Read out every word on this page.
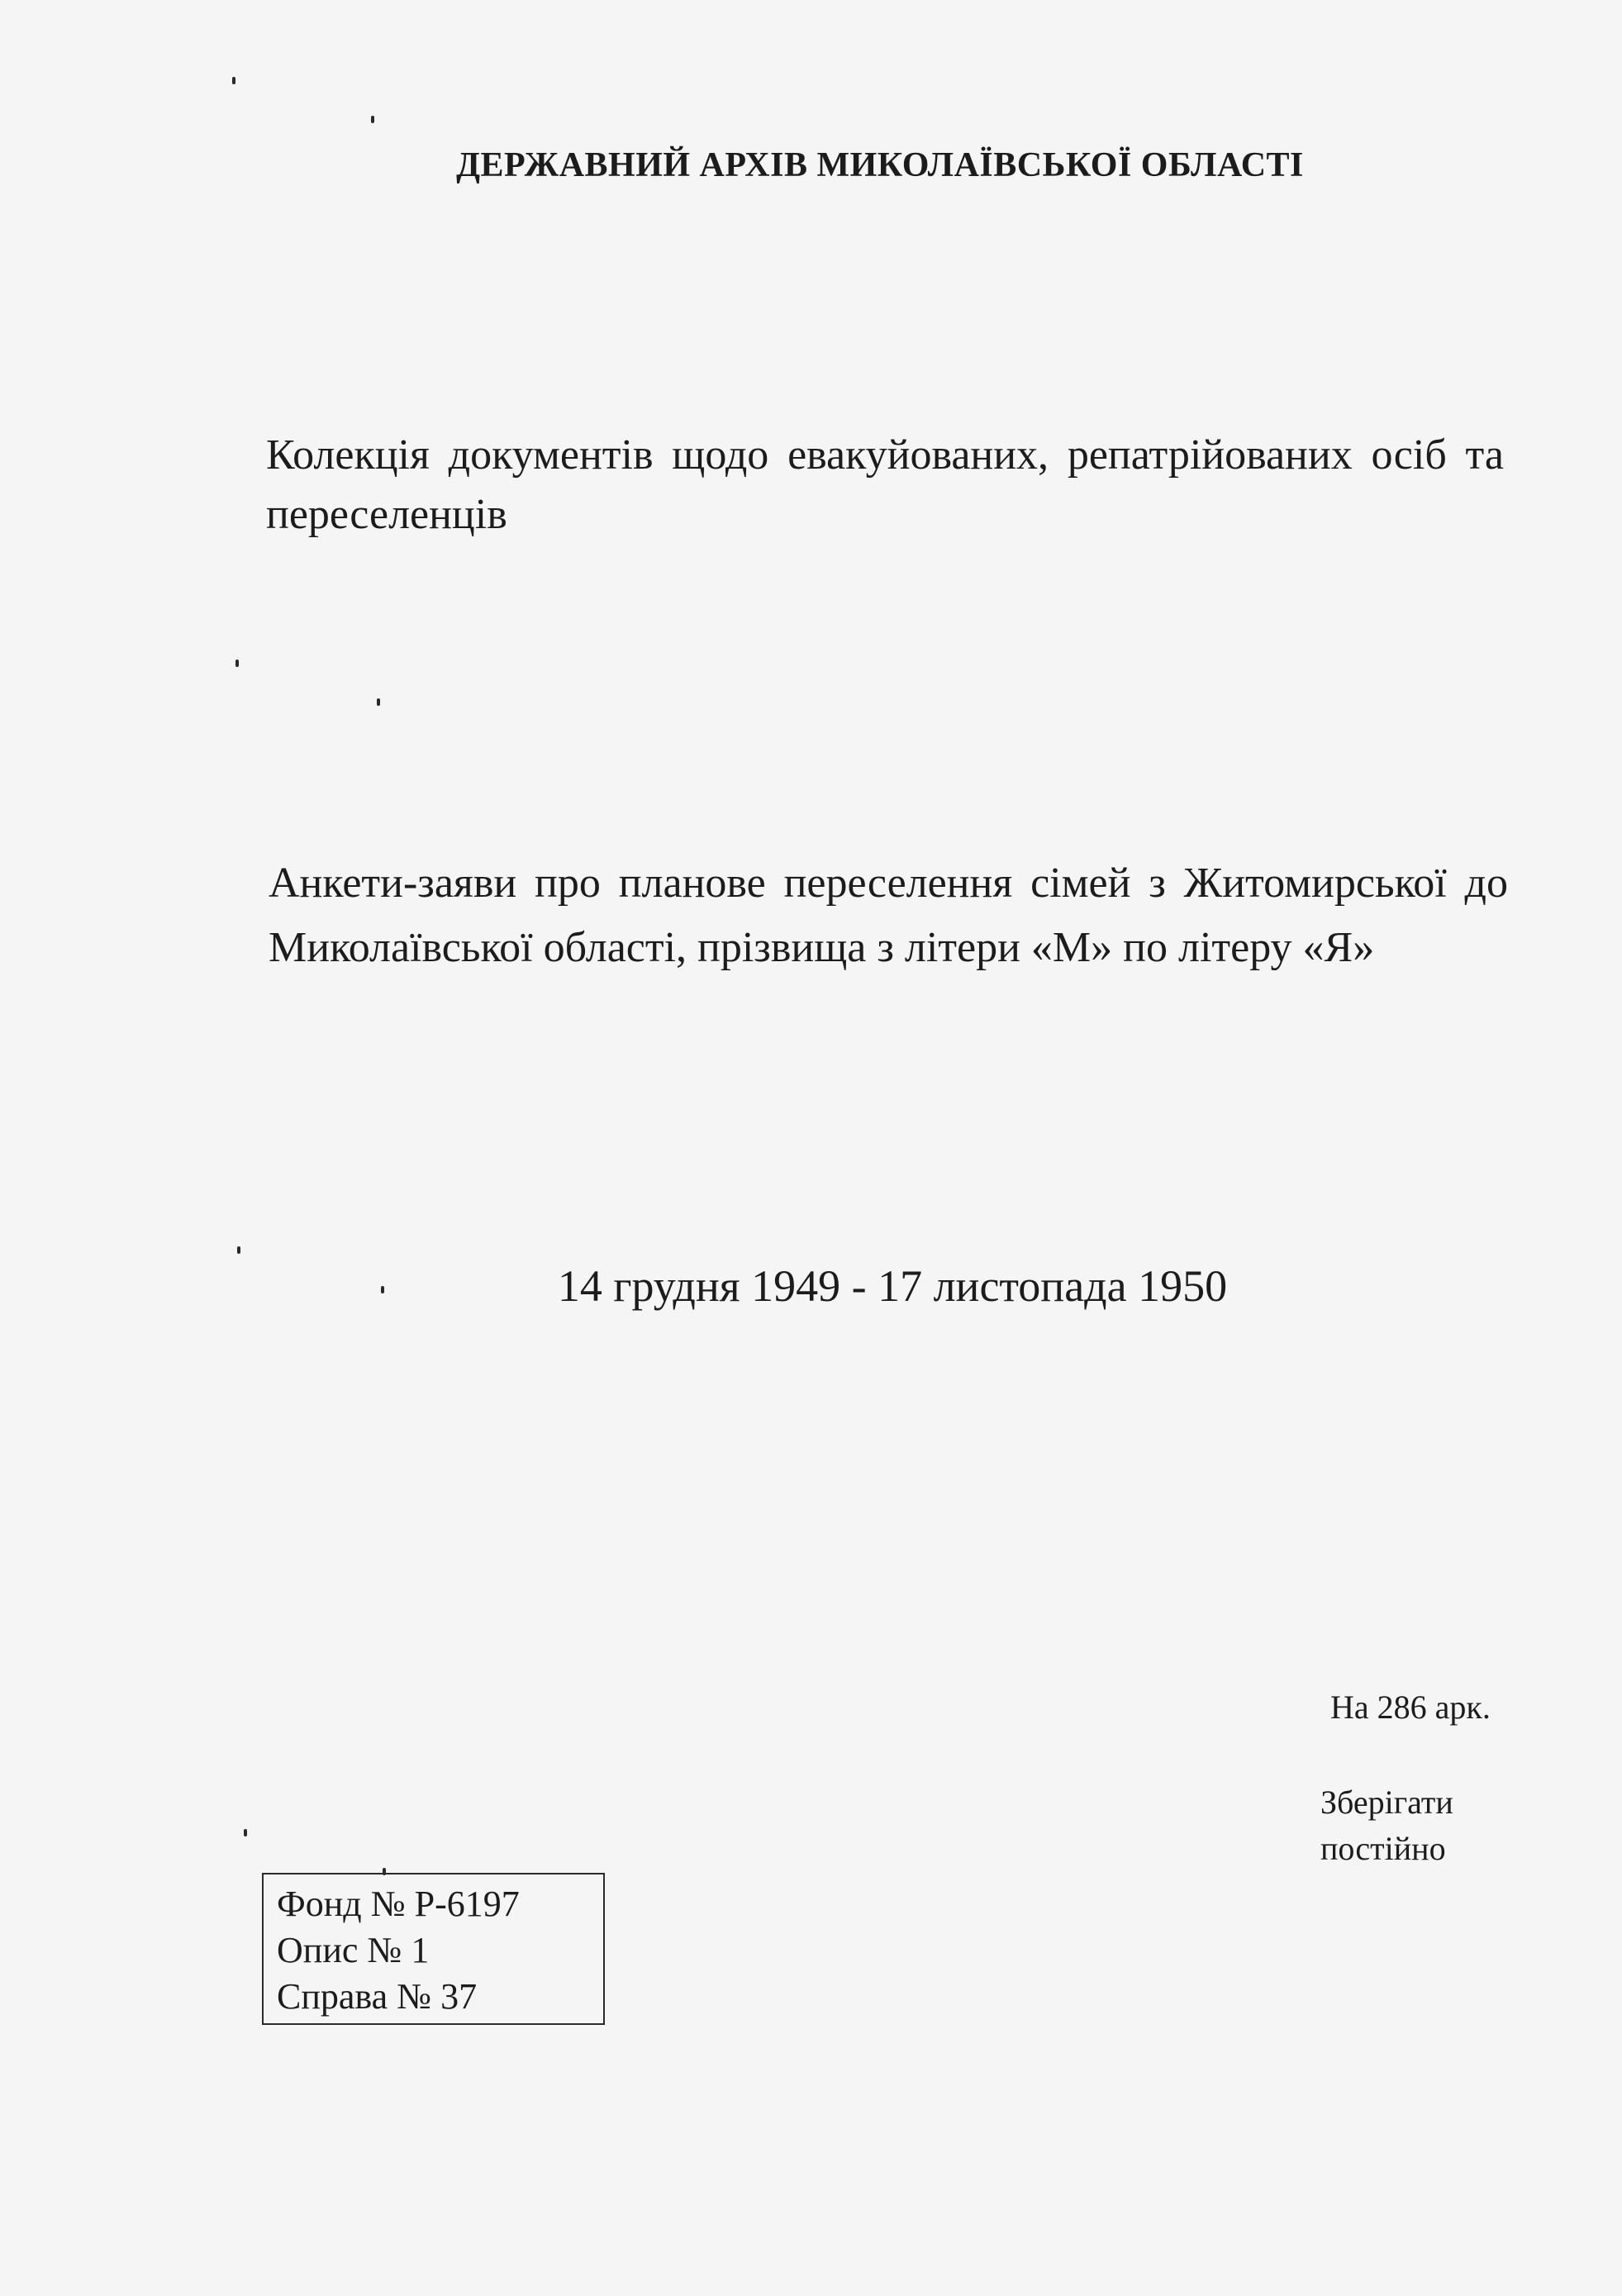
ДЕРЖАВНИЙ АРХІВ МИКОЛАЇВСЬКОЇ ОБЛАСТІ
Колекція документів щодо евакуйованих, репатрійованих осіб та переселенців
Анкети-заяви про планове переселення сімей з Житомирської до Миколаївської області, прізвища з літери «М» по літеру «Я»
14 грудня 1949 - 17 листопада 1950
На 286 арк.
Зберігати
постійно
Фонд № Р-6197
Опис № 1
Справа № 37
